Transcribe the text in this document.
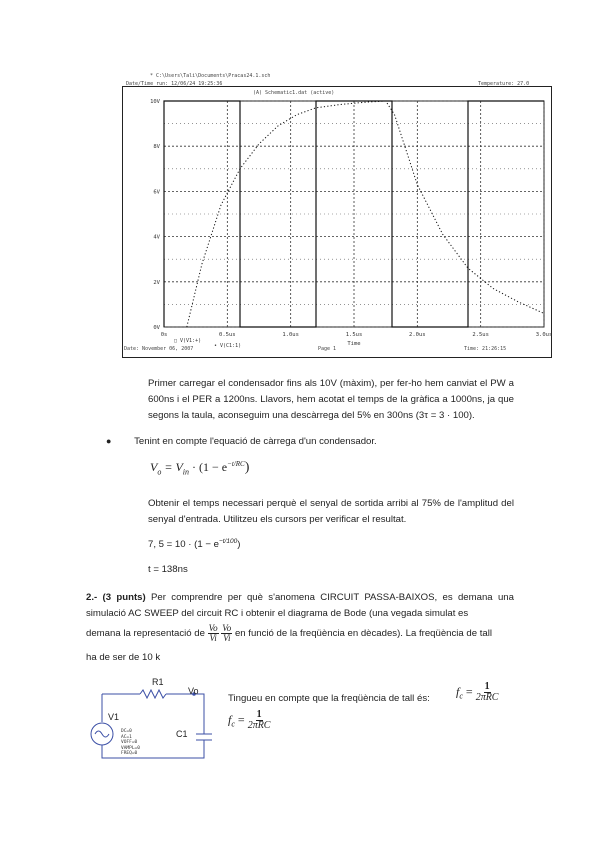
* C:\Users\Tali\Documents\Pracas24.1.sch
Date/Time run: 12/06/24 19:25:36	Temperature: 27.0
(A) Schematic1.dat (active)
10V
8V
6V
4V
2V
0V
0s	0.5us	1.0us	1.5us	2.0us	2.5us	3.0us
Time
□ V(V1:+)
• V(C1:1)
Date: November 06, 2007	Page 1	Time: 21:26:15
Primer carregar el condensador fins als 10V (màxim), per fer-ho hem canviat el PW a 600ns i el PER a 1200ns. Llavors, hem acotat el temps de la gràfica a 1000ns, ja que segons la taula, aconseguim una descàrrega del 5% en 300ns (3τ = 3 · 100).
● Tenint en compte l'equació de càrrega d'un condensador.
$V_o = V_{in} \cdot (1 - e^{-t/RC})$
Obtenir el temps necessari perquè el senyal de sortida arribi al 75% de l'amplitud del senyal d'entrada. Utilitzeu els cursors per verificar el resultat.
7, $5 = 10 \cdot (1 - e^{-t/100})$
t = 138ns
2.- (3 punts) Per comprendre per què s'anomena CIRCUIT PASSA-BAIXOS, es demana una simulació AC SWEEP del circuit RC i obtenir el diagrama de Bode (una vegada simulat es
demana la representació de $\frac{Vo}{Vi}$
$\frac{Vo}{Vi}$ en funció de la freqüència en dècades). La freqüència de tall
ha de ser de 10 k
R1
Vo
V1
C1
DC=0
AC=1
VOFF=0
VAMPL=0
FREQ=0
Tingueu en compte que la freqüència de tall és:
$f_c = \frac{1}{\text{2πRC}}$
$f_c = \frac{1}{\text{2πRC}}$
